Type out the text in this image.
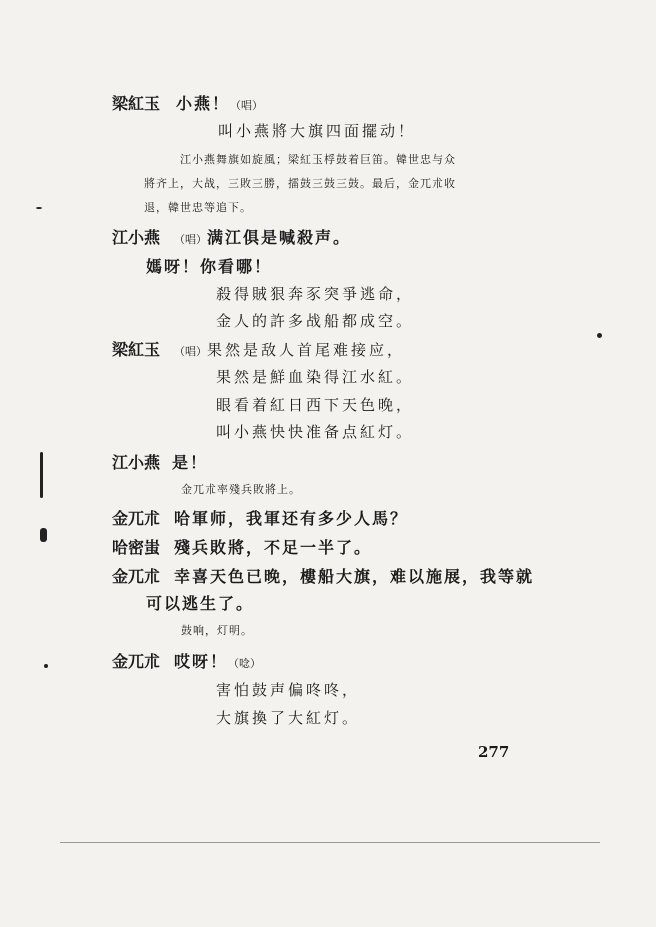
梁紅玉 小燕！（唱）
叫小燕將大旗四面擺动！
江小燕舞旗如旋風；梁紅玉桴鼓着巨笛。韓世忠与众
將齐上，大战，三敗三勝，擂鼓三鼓三鼓。最后，金兀朮收
退，韓世忠等追下。
江小燕 （唱）满江俱是喊殺声。
媽呀！你看哪！
殺得賊狠奔豕突爭逃命，
金人的許多战船都成空。
梁紅玉 （唱）果然是敌人首尾难接应，
果然是鮮血染得江水紅。
眼看着紅日西下天色晚，
叫小燕快快准备点紅灯。
江小燕 是！
金兀朮率殘兵敗將上。
金兀朮 哈軍师，我軍还有多少人馬？
哈密蚩 殘兵敗將，不足一半了。
金兀朮 幸喜天色已晚，樓船大旗，难以施展，我等就
可以逃生了。
鼓响，灯明。
金兀朮 哎呀！（唸）
害怕鼓声偏咚咚，
大旗換了大紅灯。
277
